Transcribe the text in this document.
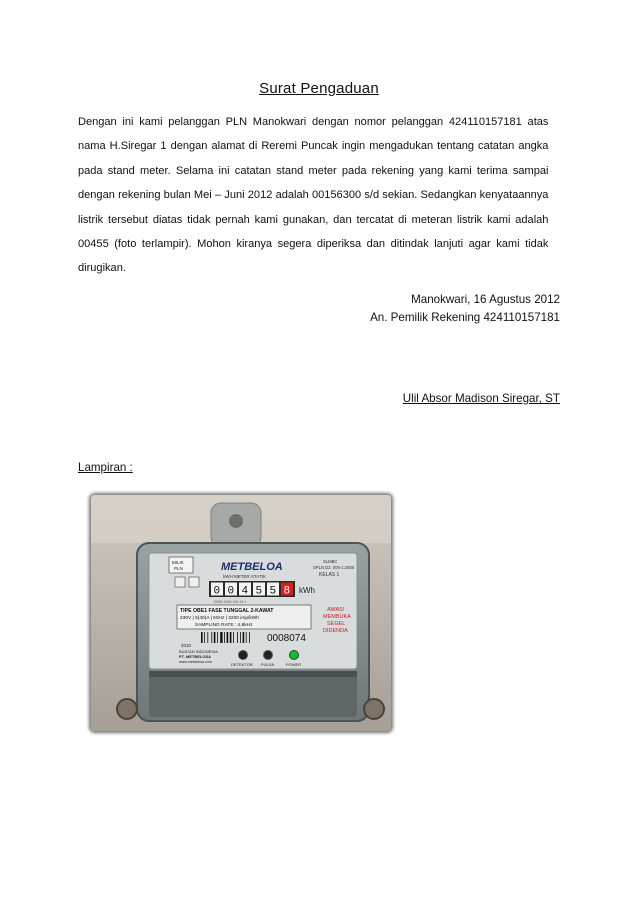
Surat Pengaduan
Dengan ini kami pelanggan PLN Manokwari dengan nomor pelanggan 424110157181 atas nama H.Siregar 1 dengan alamat di Reremi Puncak ingin mengadukan tentang catatan angka pada stand meter. Selama ini catatan stand meter pada rekening yang kami terima sampai dengan rekening bulan Mei – Juni 2012 adalah 00156300 s/d sekian. Sedangkan kenyataannya listrik tersebut diatas tidak pernah kami gunakan, dan tercatat di meteran listrik kami adalah 00455 (foto terlampir). Mohon kiranya segera diperiksa dan ditindak lanjuti agar kami tidak dirugikan.
Manokwari, 16 Agustus 2012
An. Pemilik Rekening 424110157181
Ulil Absor Madison Siregar, ST
Lampiran :
METBELOA
kWH METER STATIK
MILIK
PLN
SLMBC
SPLN D3. 005-1:2008
KELAS 1
0 0 4 5 5 8 kWh
10000 1000 100 10 1
AWAS!
MEMBUKA
SEGEL
DIDENDA
TIPE OBE1 FASE TUNGGAL 2-KAWAT
230V | 5(40)A | 50Hz | 3200 imp/kWh
SAMPLING RATE : 4.8kHz
0008074
2010
BUATAN INDONESIA
PT. METBELOSA
www.metbelosa.com	DETEKTOR PULSA	POWER
